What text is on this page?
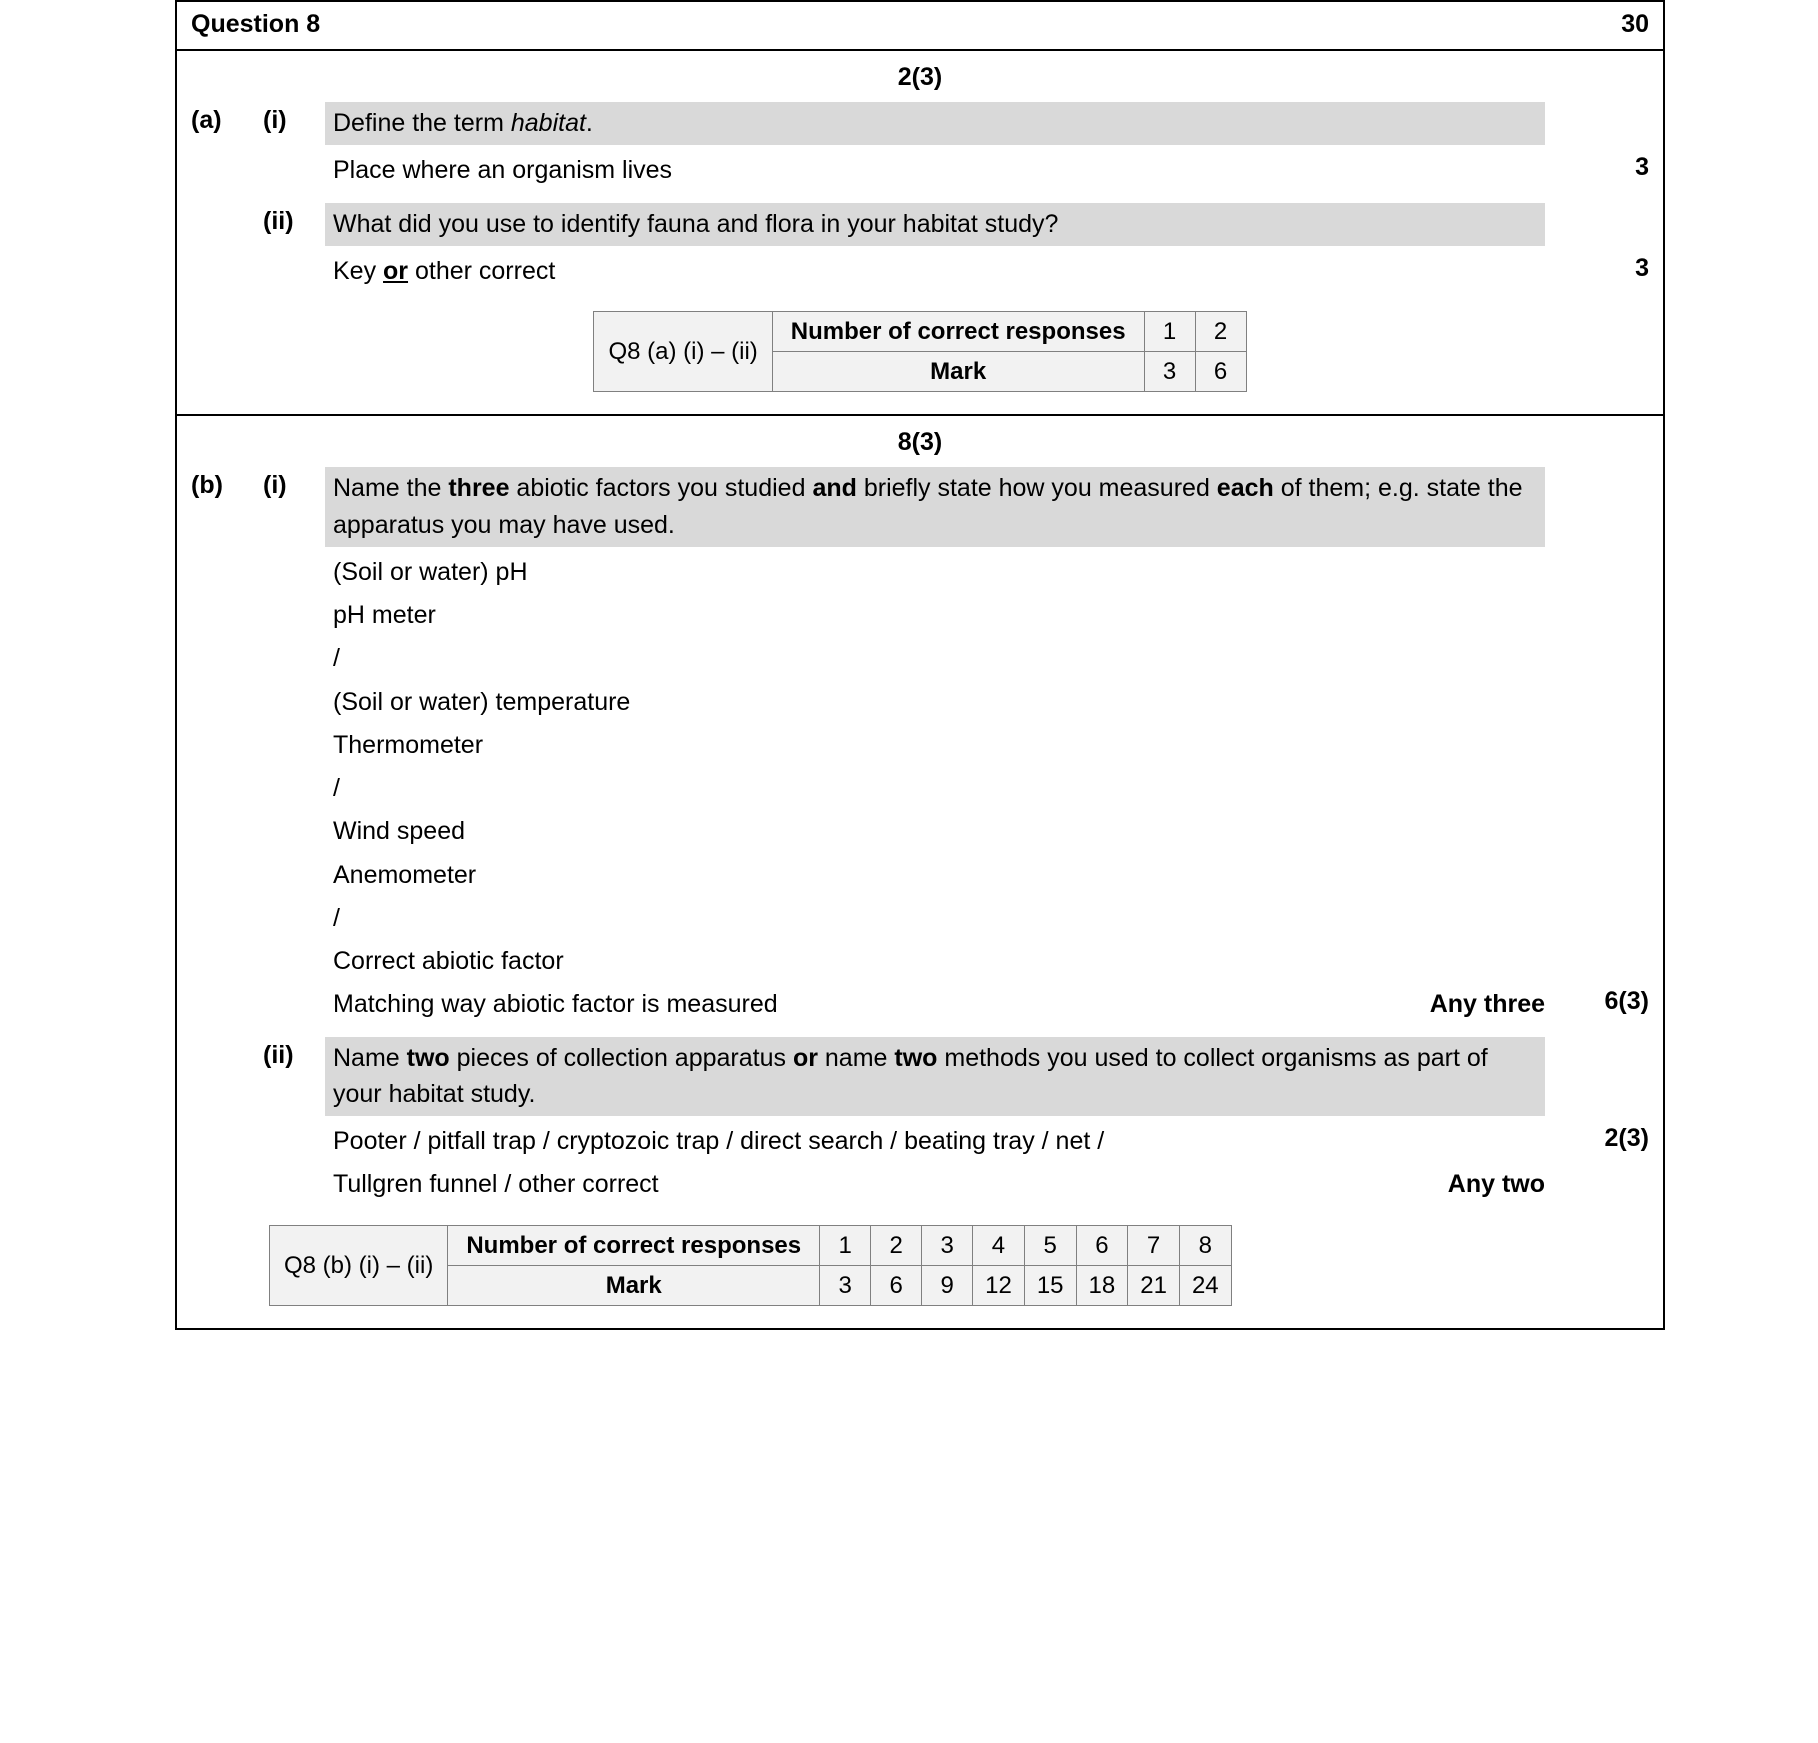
Question 8	30
2(3)
(a)	(i)	Define the term habitat.
Place where an organism lives	3
(ii)	What did you use to identify fauna and flora in your habitat study?
Key or other correct	3
Q8 (a) (i) – (ii)	Number of correct responses	1	2
	Mark	3	6
8(3)
(b)	(i)	Name the three abiotic factors you studied and briefly state how you measured each of them; e.g. state the apparatus you may have used.
(Soil or water) pH
pH meter
/
(Soil or water) temperature
Thermometer
/
Wind speed
Anemometer
/
Correct abiotic factor
Matching way abiotic factor is measured	Any three	6(3)
(ii)	Name two pieces of collection apparatus or name two methods you used to collect organisms as part of your habitat study.
Pooter / pitfall trap / cryptozoic trap / direct search / beating tray / net /
Tullgren funnel / other correct	Any two
2(3)
Q8 (b) (i) – (ii)	Number of correct responses	1	2	3	4	5	6	7	8
	Mark	3	6	9	12	15	18	21	24
